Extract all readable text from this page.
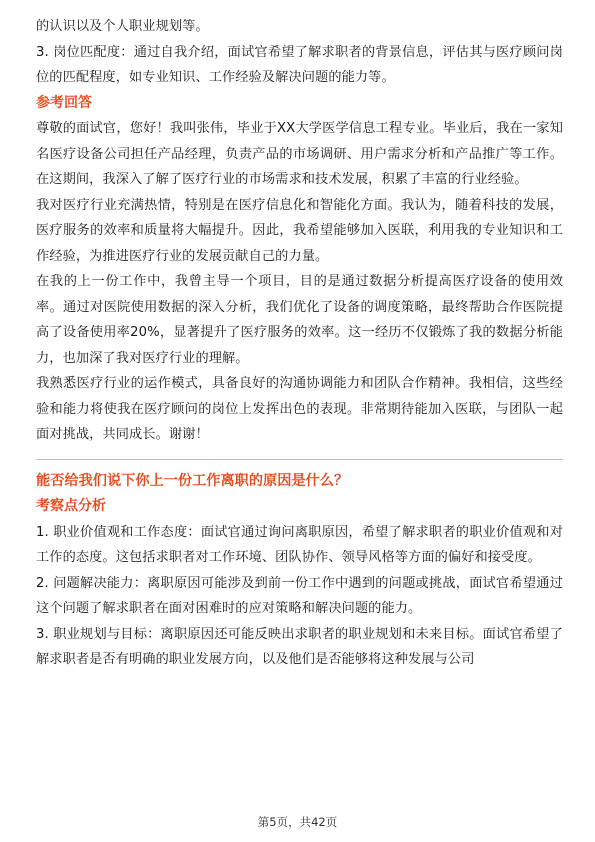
的认识以及个人职业规划等。

3. 岗位匹配度：通过自我介绍，面试官希望了解求职者的背景信息，评估其与医疗顾问岗位的匹配程度，如专业知识、工作经验及解决问题的能力等。

参考回答

尊敬的面试官，您好！我叫张伟，毕业于XX大学医学信息工程专业。毕业后，我在一家知名医疗设备公司担任产品经理，负责产品的市场调研、用户需求分析和产品推广等工作。在这期间，我深入了解了医疗行业的市场需求和技术发展，积累了丰富的行业经验。

我对医疗行业充满热情，特别是在医疗信息化和智能化方面。我认为，随着科技的发展，医疗服务的效率和质量将大幅提升。因此，我希望能够加入医联，利用我的专业知识和工作经验，为推进医疗行业的发展贡献自己的力量。

在我的上一份工作中，我曾主导一个项目，目的是通过数据分析提高医疗设备的使用效率。通过对医院使用数据的深入分析，我们优化了设备的调度策略，最终帮助合作医院提高了设备使用率20%，显著提升了医疗服务的效率。这一经历不仅锻炼了我的数据分析能力，也加深了我对医疗行业的理解。

我熟悉医疗行业的运作模式，具备良好的沟通协调能力和团队合作精神。我相信，这些经验和能力将使我在医疗顾问的岗位上发挥出色的表现。非常期待能加入医联，与团队一起面对挑战，共同成长。谢谢！

能否给我们说下你上一份工作离职的原因是什么？
考察点分析

1. 职业价值观和工作态度：面试官通过询问离职原因，希望了解求职者的职业价值观和对工作的态度。这包括求职者对工作环境、团队协作、领导风格等方面的偏好和接受度。

2. 问题解决能力：离职原因可能涉及到前一份工作中遇到的问题或挑战，面试官希望通过这个问题了解求职者在面对困难时的应对策略和解决问题的能力。

3. 职业规划与目标：离职原因还可能反映出求职者的职业规划和未来目标。面试官希望了解求职者是否有明确的职业发展方向，以及他们是否能够将这种发展与公司

第5页，共42页
